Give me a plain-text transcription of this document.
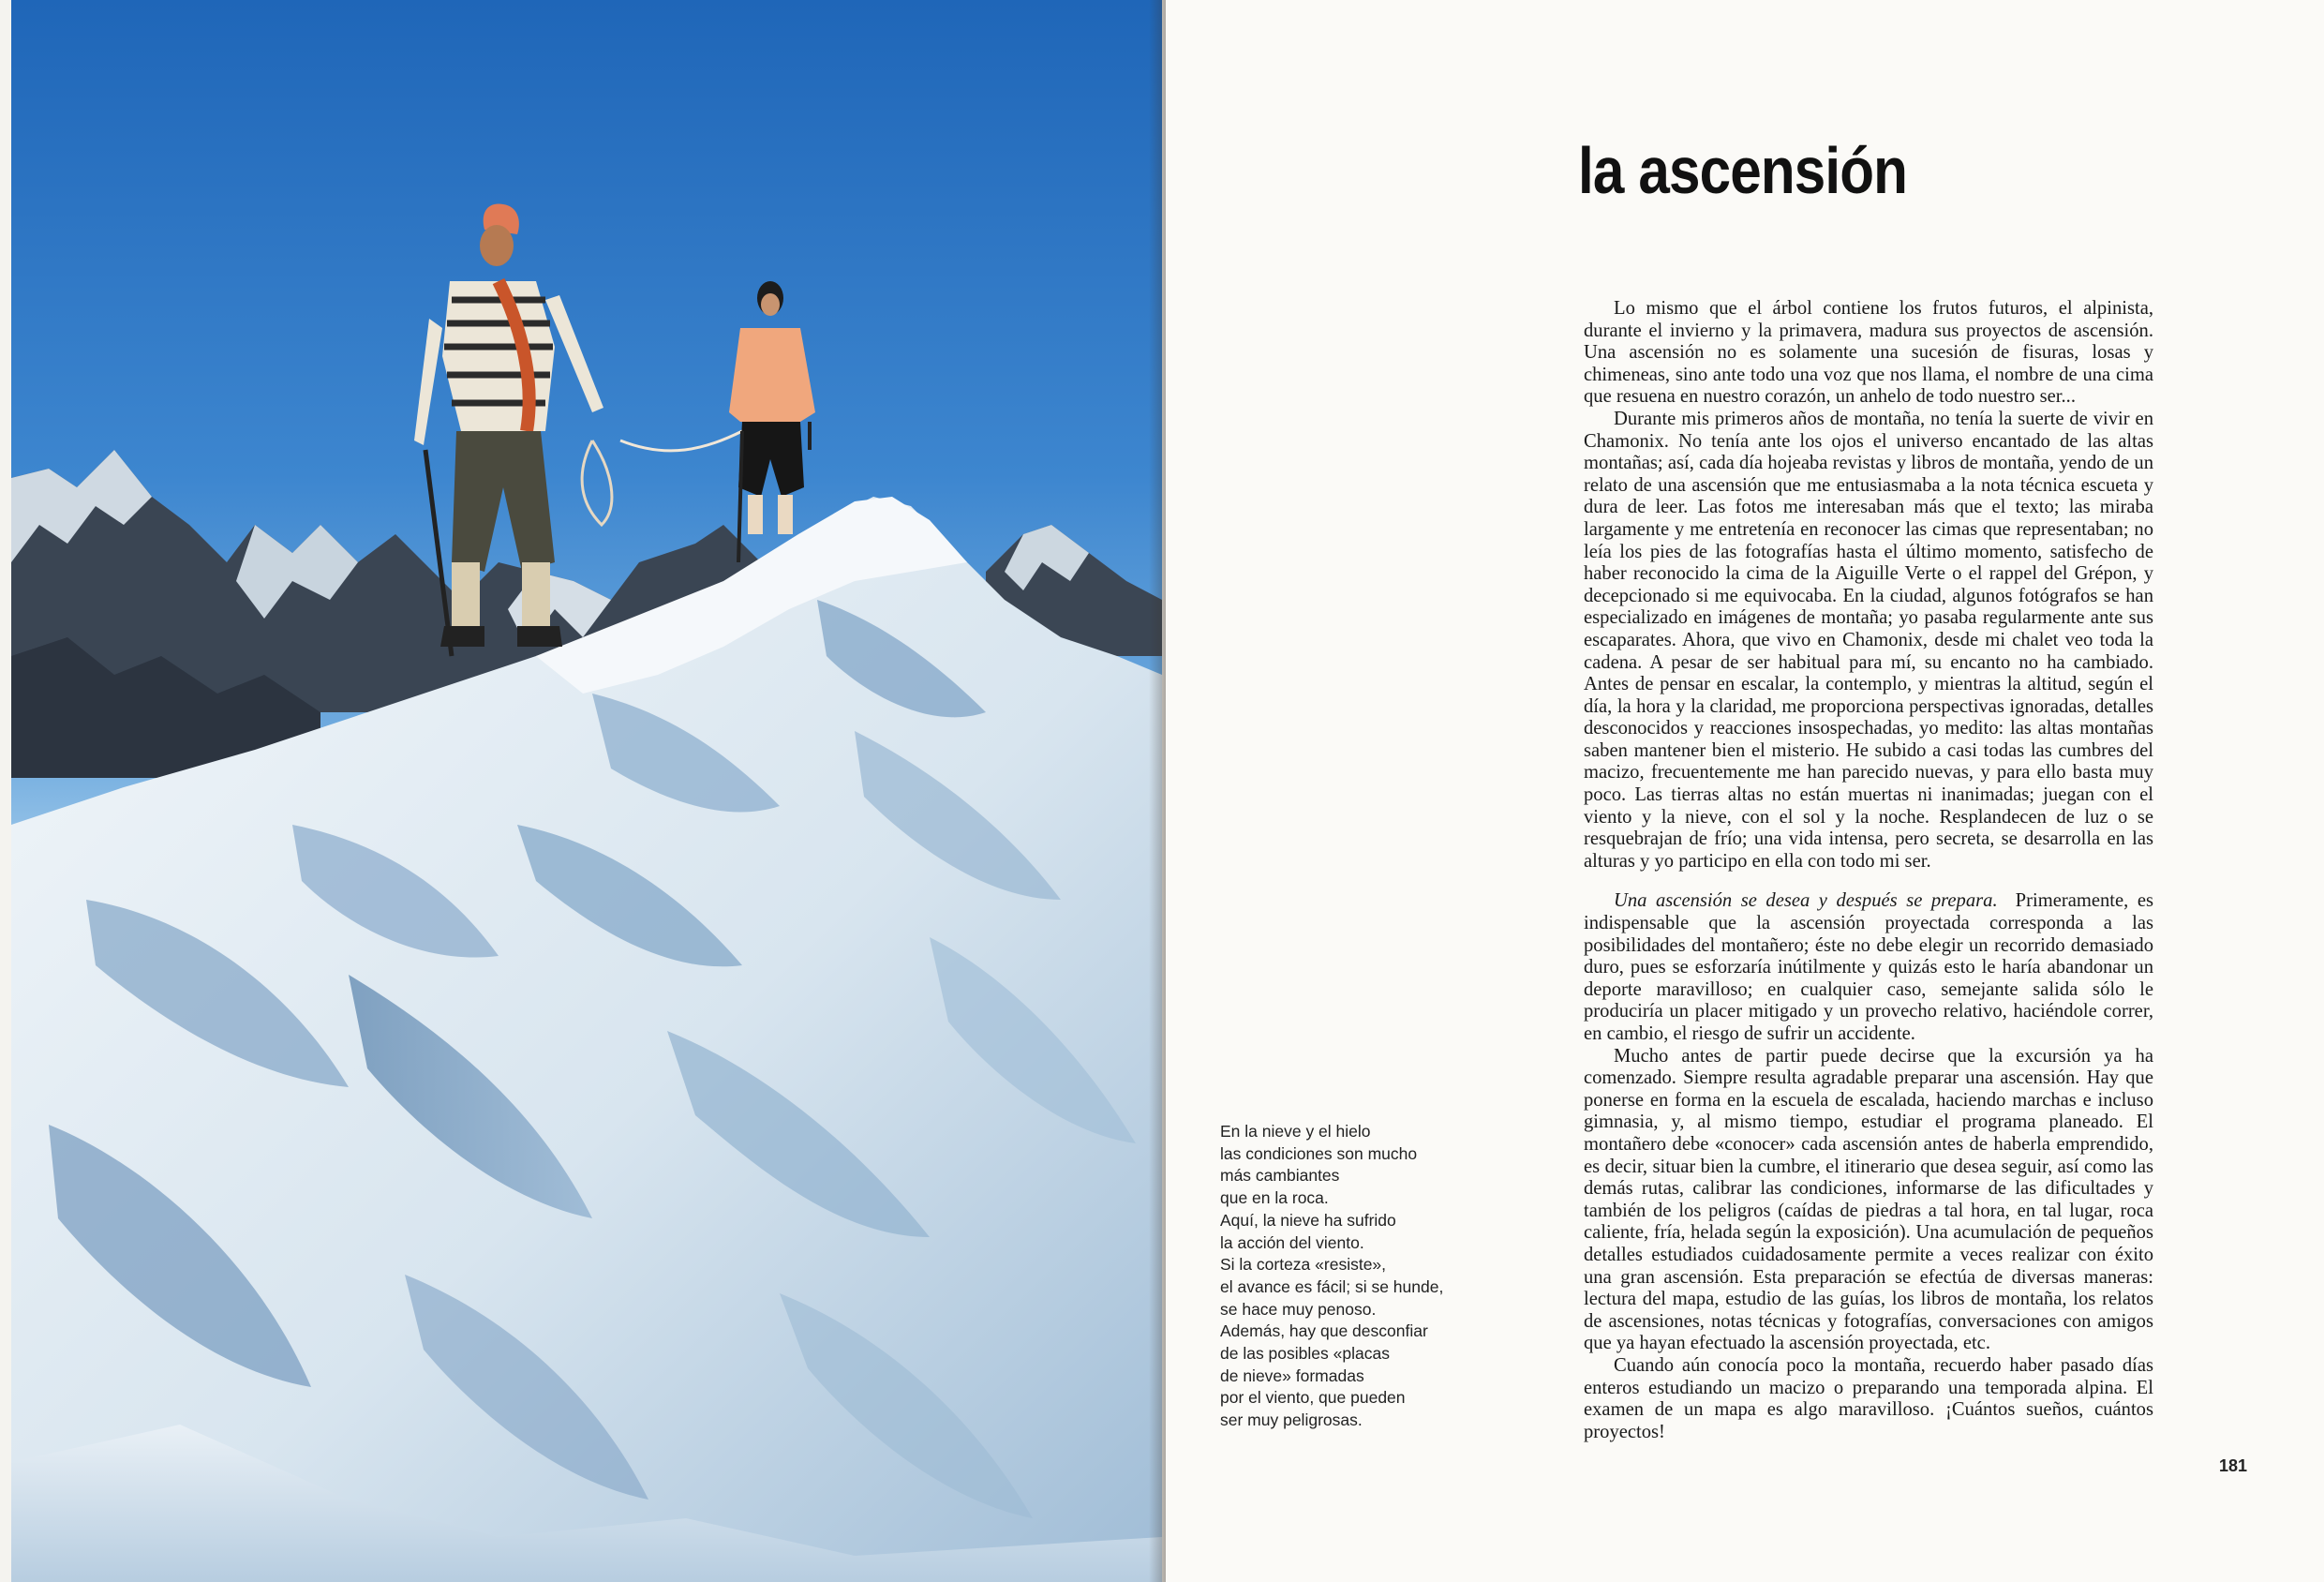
la ascensión
En la nieve y el hielo
las condiciones son mucho
más cambiantes
que en la roca.
Aquí, la nieve ha sufrido
la acción del viento.
Si la corteza «resiste»,
el avance es fácil; si se hunde,
se hace muy penoso.
Además, hay que desconfiar
de las posibles «placas
de nieve» formadas
por el viento, que pueden
ser muy peligrosas.

Lo mismo que el árbol contiene los frutos futuros, el alpinista, durante el invierno y la primavera, madura sus proyectos de ascensión. Una ascensión no es solamente una sucesión de fisuras, losas y chimeneas, sino ante todo una voz que nos llama, el nombre de una cima que resuena en nuestro corazón, un anhelo de todo nuestro ser...

Durante mis primeros años de montaña, no tenía la suerte de vivir en Chamonix. No tenía ante los ojos el universo encantado de las altas montañas; así, cada día hojeaba revistas y libros de montaña, yendo de un relato de una ascensión que me entusiasmaba a la nota técnica escueta y dura de leer. Las fotos me interesaban más que el texto; las miraba largamente y me entretenía en reconocer las cimas que representaban; no leía los pies de las fotografías hasta el último momento, satisfecho de haber reconocido la cima de la Aiguille Verte o el rappel del Grépon, y decepcionado si me equivocaba. En la ciudad, algunos fotógrafos se han especializado en imágenes de montaña; yo pasaba regularmente ante sus escaparates. Ahora, que vivo en Chamonix, desde mi chalet veo toda la cadena. A pesar de ser habitual para mí, su encanto no ha cambiado. Antes de pensar en escalar, la contemplo, y mientras la altitud, según el día, la hora y la claridad, me proporciona perspectivas ignoradas, detalles desconocidos y reacciones insospechadas, yo medito: las altas montañas saben mantener bien el misterio. He subido a casi todas las cumbres del macizo, frecuentemente me han parecido nuevas, y para ello basta muy poco. Las tierras altas no están muertas ni inanimadas; juegan con el viento y la nieve, con el sol y la noche. Resplandecen de luz o se resquebrajan de frío; una vida intensa, pero secreta, se desarrolla en las alturas y yo participo en ella con todo mi ser.

Una ascensión se desea y después se prepara. Primeramente, es indispensable que la ascensión proyectada corresponda a las posibilidades del montañero; éste no debe elegir un recorrido demasiado duro, pues se esforzaría inútilmente y quizás esto le haría abandonar un deporte maravilloso; en cualquier caso, semejante salida sólo le produciría un placer mitigado y un provecho relativo, haciéndole correr, en cambio, el riesgo de sufrir un accidente.

Mucho antes de partir puede decirse que la excursión ya ha comenzado. Siempre resulta agradable preparar una ascensión. Hay que ponerse en forma en la escuela de escalada, haciendo marchas e incluso gimnasia, y, al mismo tiempo, estudiar el programa planeado. El montañero debe «conocer» cada ascensión antes de haberla emprendido, es decir, situar bien la cumbre, el itinerario que desea seguir, así como las demás rutas, calibrar las condiciones, informarse de las dificultades y también de los peligros (caídas de piedras a tal hora, en tal lugar, roca caliente, fría, helada según la exposición). Una acumulación de pequeños detalles estudiados cuidadosamente permite a veces realizar con éxito una gran ascensión. Esta preparación se efectúa de diversas maneras: lectura del mapa, estudio de las guías, los libros de montaña, los relatos de ascensiones, notas técnicas y fotografías, conversaciones con amigos que ya hayan efectuado la ascensión proyectada, etc.

Cuando aún conocía poco la montaña, recuerdo haber pasado días enteros estudiando un macizo o preparando una temporada alpina. El examen de un mapa es algo maravilloso. ¡Cuántos sueños, cuántos proyectos!

181
